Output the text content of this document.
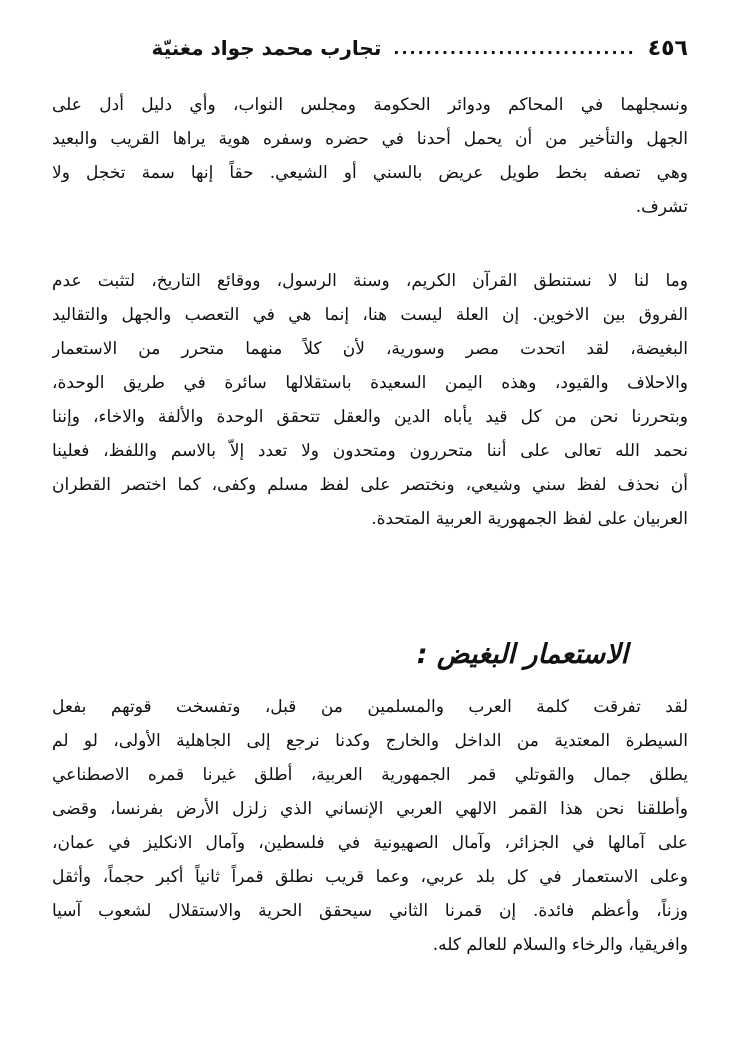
٤٥٦
..............................
تجارب محمد جواد مغنيّة
ونسجلهما في المحاكم ودوائر الحكومة ومجلس النواب، وأي دليل أدل على
الجهل والتأخير من أن يحمل أحدنا في حضره وسفره هوية يراها القريب والبعيد
وهي تصفه بخط طويل عريض بالسني أو الشيعي. حقاً إنها سمة تخجل ولا
تشرف.
وما لنا لا نستنطق القرآن الكريم، وسنة الرسول، ووقائع التاريخ، لتثبت عدم
الفروق بين الاخوين. إن العلة ليست هنا، إنما هي في التعصب والجهل والتقاليد
البغيضة، لقد اتحدت مصر وسورية، لأن كلاً منهما متحرر من الاستعمار
والاحلاف والقيود، وهذه اليمن السعيدة باستقلالها سائرة في طريق الوحدة،
وبتحررنا نحن من كل قيد يأباه الدين والعقل تتحقق الوحدة والألفة والاخاء، وإننا
نحمد الله تعالى على أننا متحررون ومتحدون ولا تعدد إلاّ بالاسم واللفظ، فعلينا
أن نحذف لفظ سني وشيعي، ونختصر على لفظ مسلم وكفى، كما اختصر القطران
العربيان على لفظ الجمهورية العربية المتحدة.
الاستعمار البغيض :
لقد تفرقت كلمة العرب والمسلمين من قبل، وتفسخت قوتهم بفعل
السيطرة المعتدية من الداخل والخارج وكدنا نرجع إلى الجاهلية الأولى، لو لم
يطلق جمال والقوتلي قمر الجمهورية العربية، أطلق غيرنا قمره الاصطناعي
وأطلقنا نحن هذا القمر الالهي العربي الإنساني الذي زلزل الأرض بفرنسا، وقضى
على آمالها في الجزائر، وآمال الصهيونية في فلسطين، وآمال الانكليز في عمان،
وعلى الاستعمار في كل بلد عربي، وعما قريب نطلق قمراً ثانياً أكبر حجماً، وأثقل
وزناً، وأعظم فائدة. إن قمرنا الثاني سيحقق الحرية والاستقلال لشعوب آسيا
وافريقيا، والرخاء والسلام للعالم كله.
